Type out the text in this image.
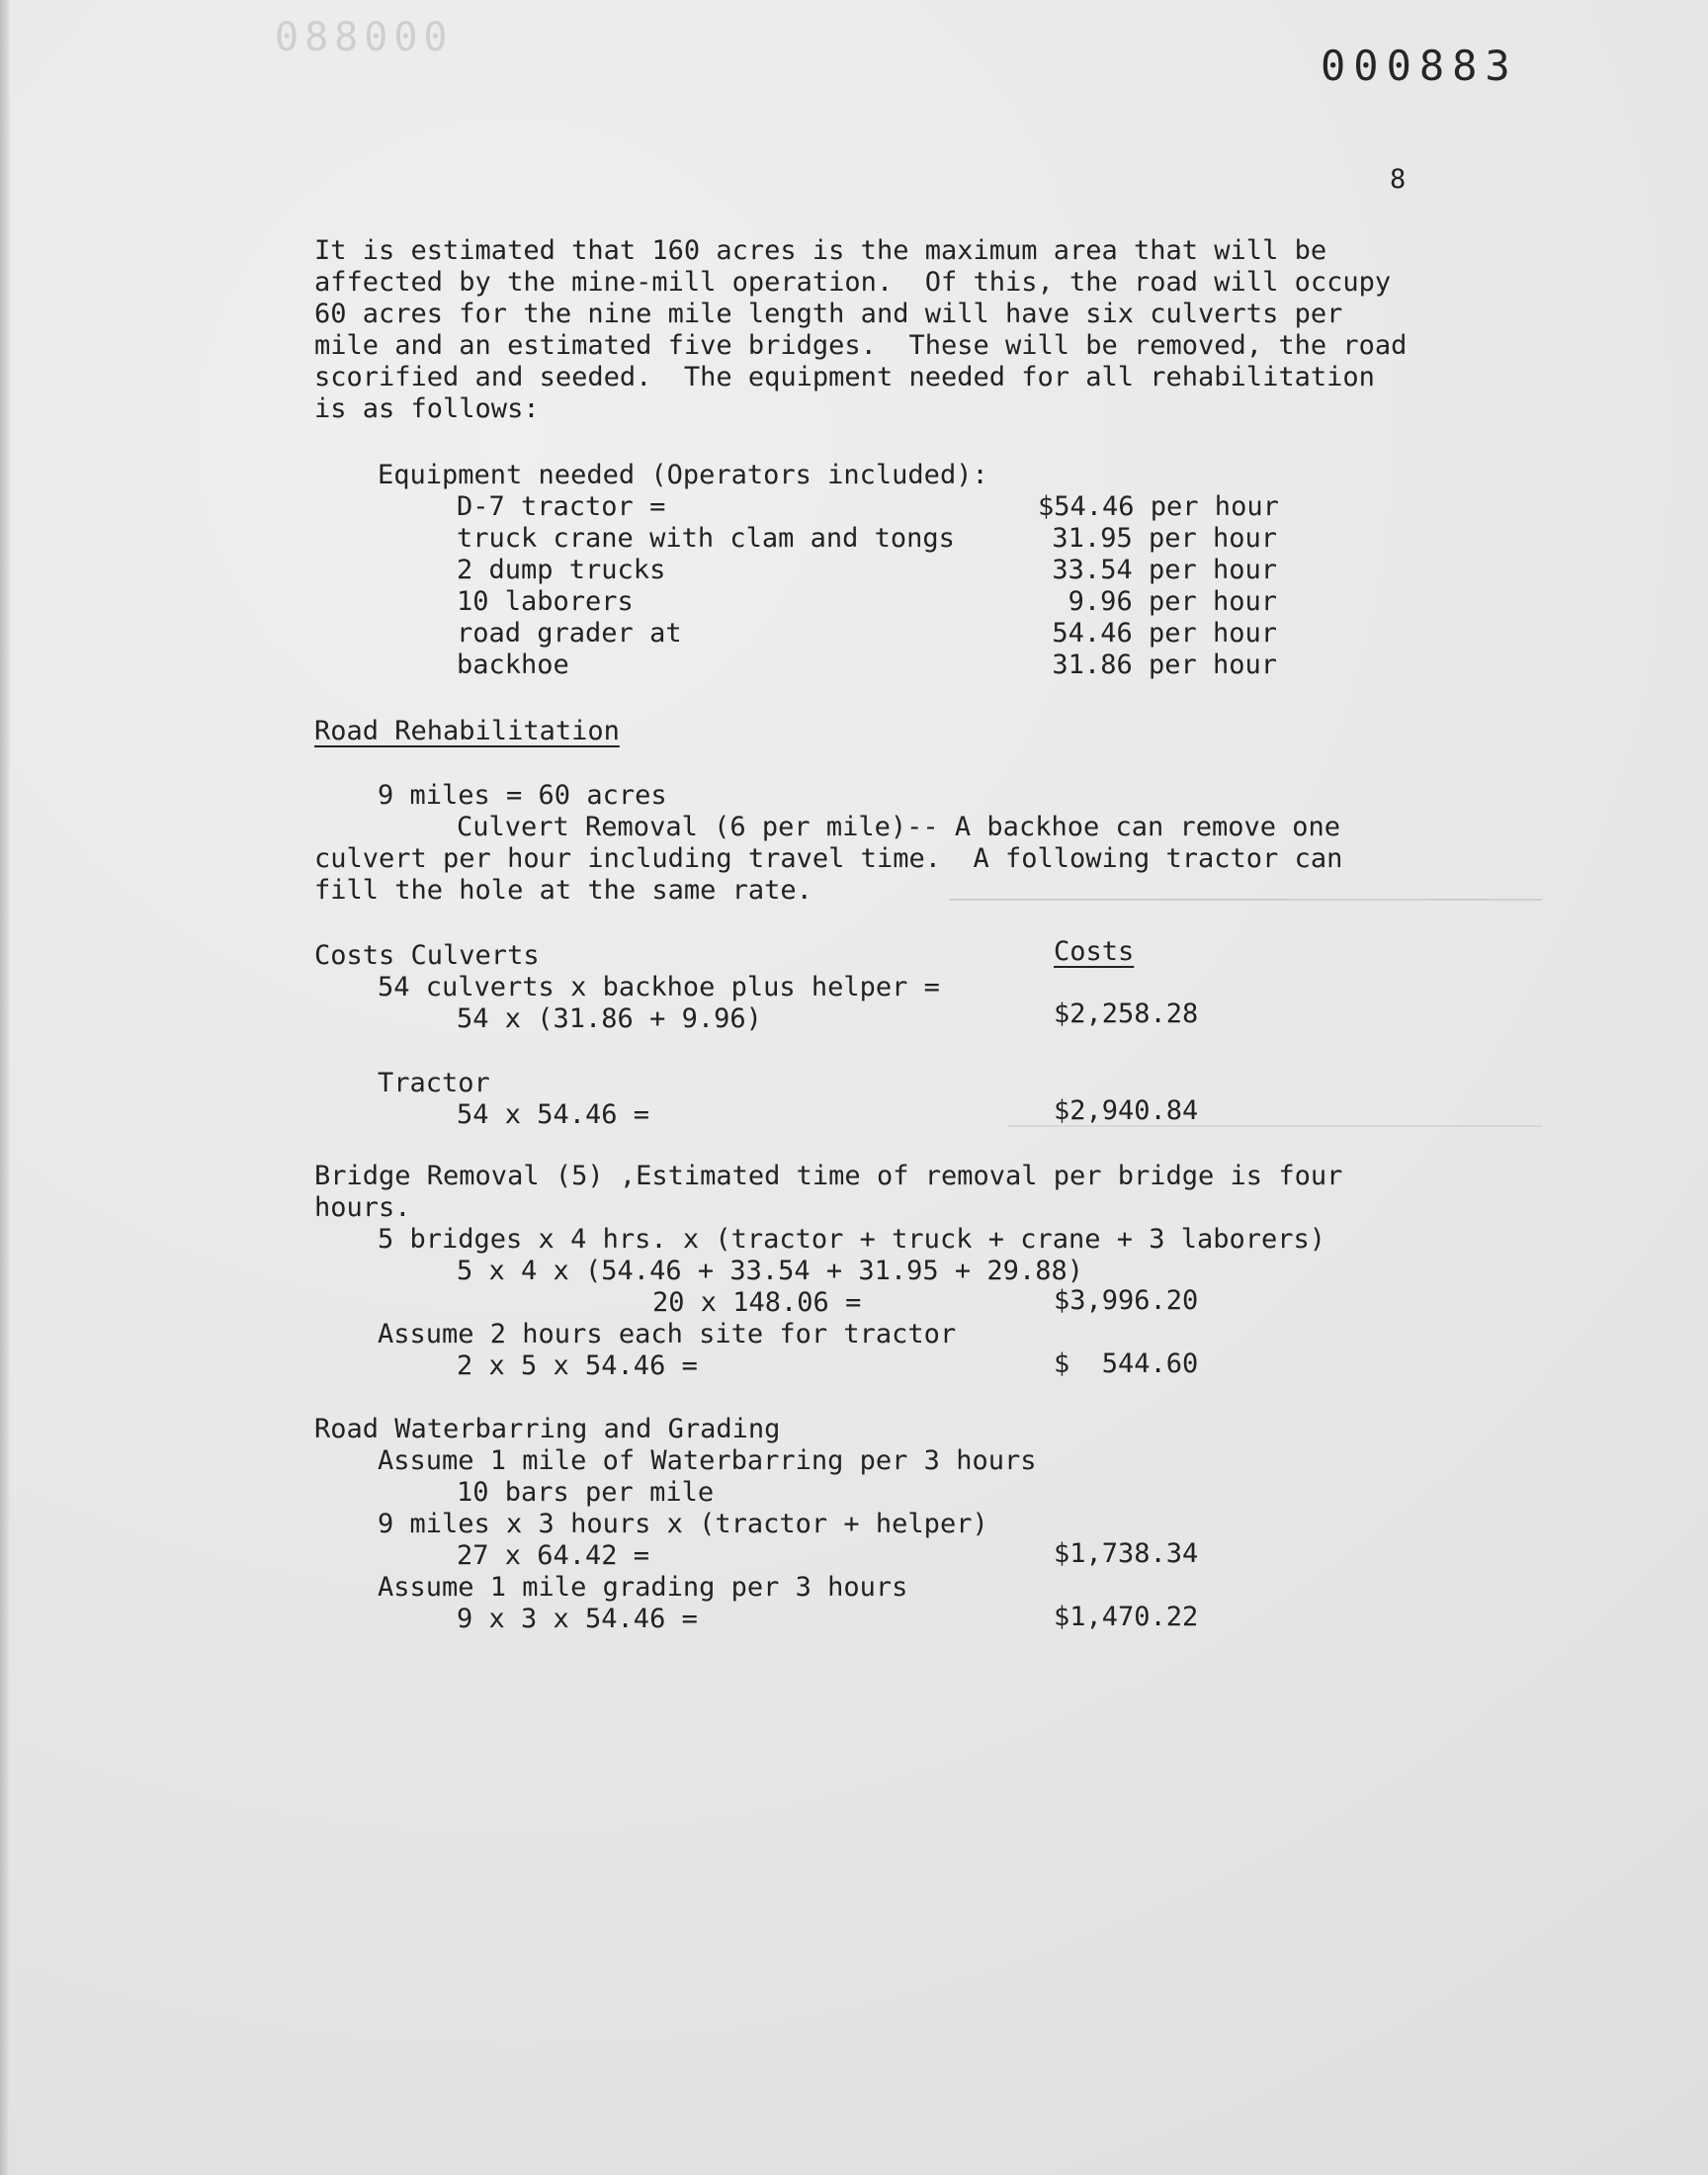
088000
000883
8
It is estimated that 160 acres is the maximum area that will be
affected by the mine-mill operation.  Of this, the road will occupy
60 acres for the nine mile length and will have six culverts per
mile and an estimated five bridges.  These will be removed, the road
scorified and seeded.  The equipment needed for all rehabilitation
is as follows:
Equipment needed (Operators included):
D-7 tractor =	$54.46 per hour
truck crane with clam and tongs	31.95 per hour
2 dump trucks	33.54 per hour
10 laborers	9.96 per hour
road grader at	54.46 per hour
backhoe	31.86 per hour
Road Rehabilitation
9 miles = 60 acres
Culvert Removal (6 per mile)-- A backhoe can remove one
culvert per hour including travel time.  A following tractor can
fill the hole at the same rate.
Costs Culverts	Costs
54 culverts x backhoe plus helper =
54 x (31.86 + 9.96)	$2,258.28
Tractor
54 x 54.46 =	$2,940.84
Bridge Removal (5) ,Estimated time of removal per bridge is four
hours.
5 bridges x 4 hrs. x (tractor + truck + crane + 3 laborers)
5 x 4 x (54.46 + 33.54 + 31.95 + 29.88)
20 x 148.06 =	$3,996.20
Assume 2 hours each site for tractor
2 x 5 x 54.46 =	$  544.60
Road Waterbarring and Grading
Assume 1 mile of Waterbarring per 3 hours
10 bars per mile
9 miles x 3 hours x (tractor + helper)
27 x 64.42 =	$1,738.34
Assume 1 mile grading per 3 hours
9 x 3 x 54.46 =	$1,470.22
